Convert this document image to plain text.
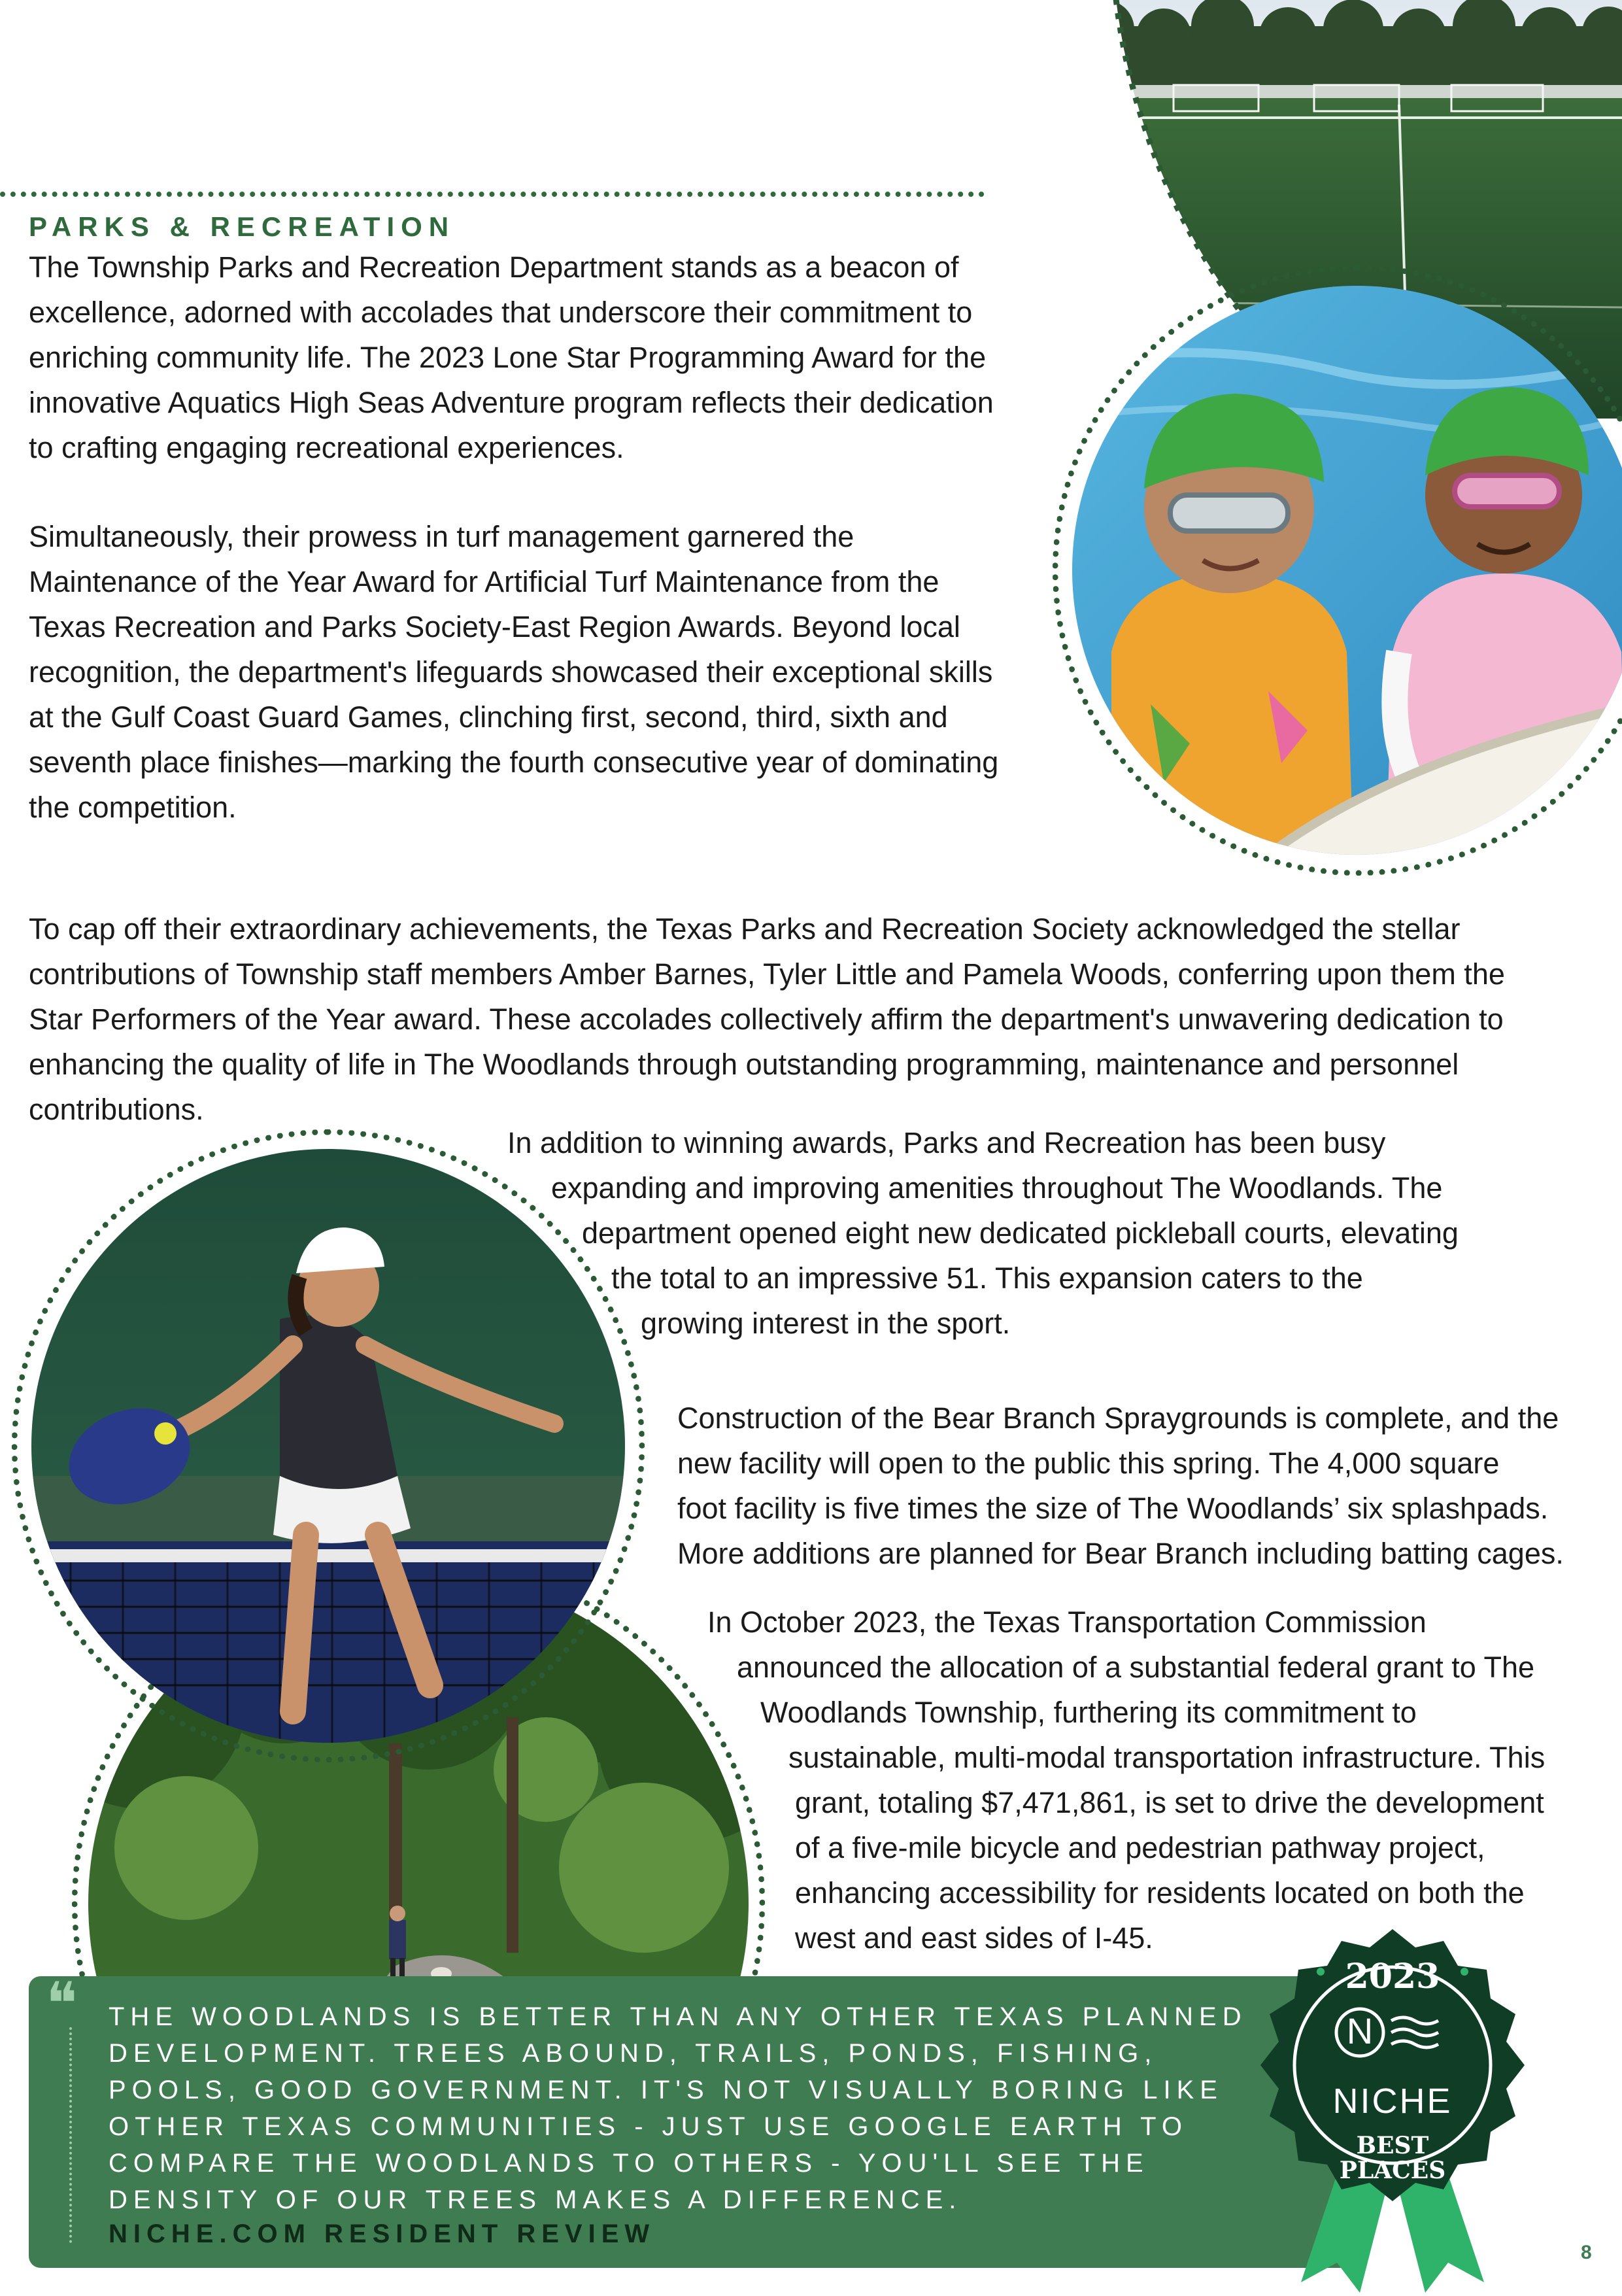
PARKS & RECREATION
The Township Parks and Recreation Department stands as a beacon of
excellence, adorned with accolades that underscore their commitment to
enriching community life. The 2023 Lone Star Programming Award for the
innovative Aquatics High Seas Adventure program reflects their dedication
to crafting engaging recreational experiences.
Simultaneously, their prowess in turf management garnered the
Maintenance of the Year Award for Artificial Turf Maintenance from the
Texas Recreation and Parks Society-East Region Awards. Beyond local
recognition, the department's lifeguards showcased their exceptional skills
at the Gulf Coast Guard Games, clinching first, second, third, sixth and
seventh place finishes—marking the fourth consecutive year of dominating
the competition.
To cap off their extraordinary achievements, the Texas Parks and Recreation Society acknowledged the stellar
contributions of Township staff members Amber Barnes, Tyler Little and Pamela Woods, conferring upon them the
Star Performers of the Year award. These accolades collectively affirm the department's unwavering dedication to
enhancing the quality of life in The Woodlands through outstanding programming, maintenance and personnel
contributions.
In addition to winning awards, Parks and Recreation has been busy
expanding and improving amenities throughout The Woodlands. The
department opened eight new dedicated pickleball courts, elevating
the total to an impressive 51. This expansion caters to the
growing interest in the sport.
Construction of the Bear Branch Spraygrounds is complete, and the
new facility will open to the public this spring. The 4,000 square
foot facility is five times the size of The Woodlands’ six splashpads.
More additions are planned for Bear Branch including batting cages.
In October 2023, the Texas Transportation Commission
announced the allocation of a substantial federal grant to The
Woodlands Township, furthering its commitment to
sustainable, multi-modal transportation infrastructure. This
grant, totaling $7,471,861, is set to drive the development
of a five-mile bicycle and pedestrian pathway project,
enhancing accessibility for residents located on both the
west and east sides of I-45.
❝ THE WOODLANDS IS BETTER THAN ANY OTHER TEXAS PLANNED
DEVELOPMENT. TREES ABOUND, TRAILS, PONDS, FISHING,
POOLS, GOOD GOVERNMENT. IT'S NOT VISUALLY BORING LIKE
OTHER TEXAS COMMUNITIES - JUST USE GOOGLE EARTH TO
COMPARE THE WOODLANDS TO OTHERS - YOU'LL SEE THE
DENSITY OF OUR TREES MAKES A DIFFERENCE.
NICHE.COM RESIDENT REVIEW
2023
N
NICHE
BEST
PLACES
8
